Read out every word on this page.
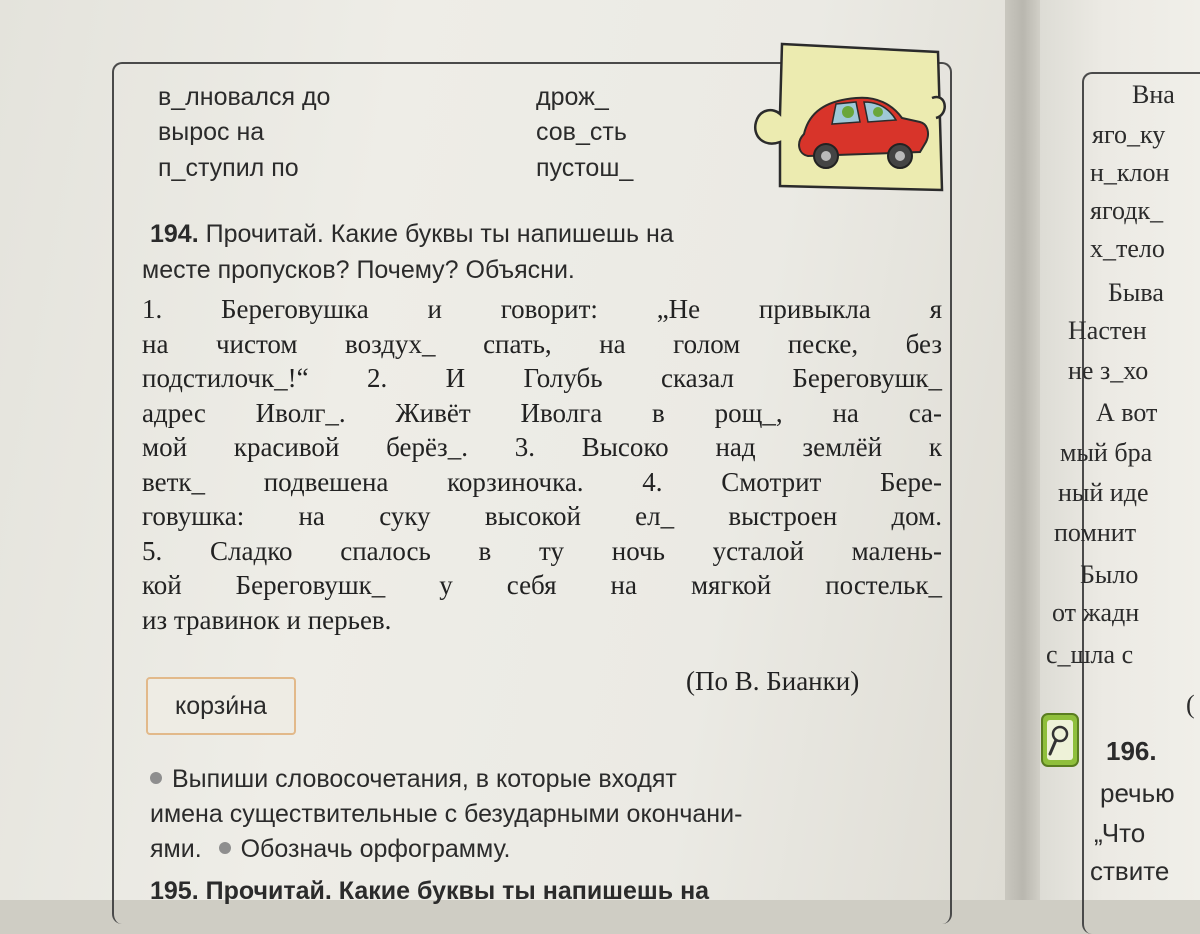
в_лновался до
вырос на
п_ступил по
дрож_
сов_сть
пустош_
194. Прочитай. Какие буквы ты напишешь на
месте пропусков? Почему? Объясни.
1. Береговушка и говорит: „Не привыкла я
на чистом воздух_ спать, на голом песке, без
подстилочк_!“ 2. И Голубь сказал Береговушк_
адрес Иволг_. Живёт Иволга в рощ_, на са-
мой красивой берёз_. 3. Высоко над землёй к
ветк_ подвешена корзиночка. 4. Смотрит Бере-
говушка: на суку высокой ел_ выстроен дом.
5. Сладко спалось в ту ночь усталой малень-
кой Береговушк_ у себя на мягкой постельк_
из травинок и перьев.
(По В. Бианки)
корзи́на
Выпиши словосочетания, в которые входят
имена существительные с безударными окончани-
ями. Обозначь орфограмму.
195. Прочитай. Какие буквы ты напишешь на
Вна
яго_ку
н_клон
ягодк_
х_тело
Быва
Настен
не з_хо
А вот
мый бра
ный иде
помнит
Было
от жадн
с_шла с
(
196.
речью
„Что
ствите
